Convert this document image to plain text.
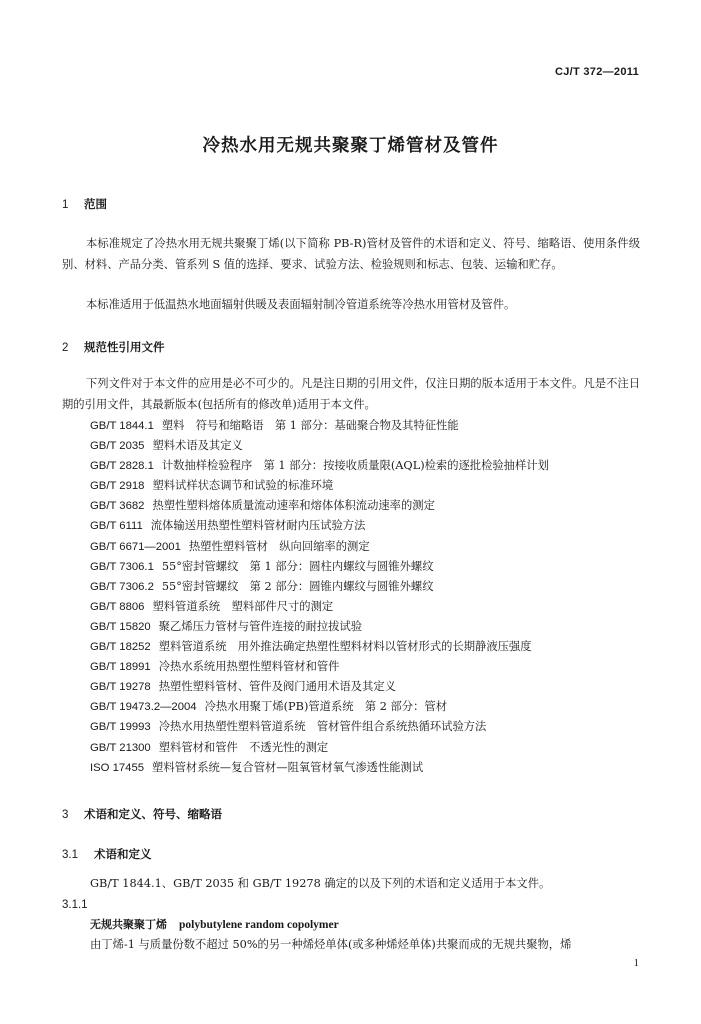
CJ/T 372—2011
冷热水用无规共聚聚丁烯管材及管件
1 范围

本标准规定了冷热水用无规共聚聚丁烯(以下简称 PB-R)管材及管件的术语和定义、符号、缩略语、使用条件级别、材料、产品分类、管系列 S 值的选择、要求、试验方法、检验规则和标志、包装、运输和贮存。

本标准适用于低温热水地面辐射供暖及表面辐射制冷管道系统等冷热水用管材及管件。

2 规范性引用文件

下列文件对于本文件的应用是必不可少的。凡是注日期的引用文件，仅注日期的版本适用于本文件。凡是不注日期的引用文件，其最新版本(包括所有的修改单)适用于本文件。

GB/T 1844.1 塑料　符号和缩略语　第 1 部分：基础聚合物及其特征性能
GB/T 2035 塑料术语及其定义
GB/T 2828.1 计数抽样检验程序　第 1 部分：按接收质量限(AQL)检索的逐批检验抽样计划
GB/T 2918 塑料试样状态调节和试验的标准环境
GB/T 3682 热塑性塑料熔体质量流动速率和熔体体积流动速率的测定
GB/T 6111 流体输送用热塑性塑料管材耐内压试验方法
GB/T 6671—2001 热塑性塑料管材　纵向回缩率的测定
GB/T 7306.1 55°密封管螺纹　第 1 部分：圆柱内螺纹与圆锥外螺纹
GB/T 7306.2 55°密封管螺纹　第 2 部分：圆锥内螺纹与圆锥外螺纹
GB/T 8806 塑料管道系统　塑料部件尺寸的测定
GB/T 15820 聚乙烯压力管材与管件连接的耐拉拔试验
GB/T 18252 塑料管道系统　用外推法确定热塑性塑料材料以管材形式的长期静液压强度
GB/T 18991 冷热水系统用热塑性塑料管材和管件
GB/T 19278 热塑性塑料管材、管件及阀门通用术语及其定义
GB/T 19473.2—2004 冷热水用聚丁烯(PB)管道系统　第 2 部分：管材
GB/T 19993 冷热水用热塑性塑料管道系统　管材管件组合系统热循环试验方法
GB/T 21300 塑料管材和管件　不透光性的测定
ISO 17455 塑料管材系统—复合管材—阻氧管材氧气渗透性能测试
3 术语和定义、符号、缩略语
3.1 术语和定义
GB/T 1844.1、GB/T 2035 和 GB/T 19278 确定的以及下列的术语和定义适用于本文件。
3.1.1
无规共聚聚丁烯 polybutylene random copolymer
由丁烯-1 与质量份数不超过 50%的另一种烯烃单体(或多种烯烃单体)共聚而成的无规共聚物，烯
1
